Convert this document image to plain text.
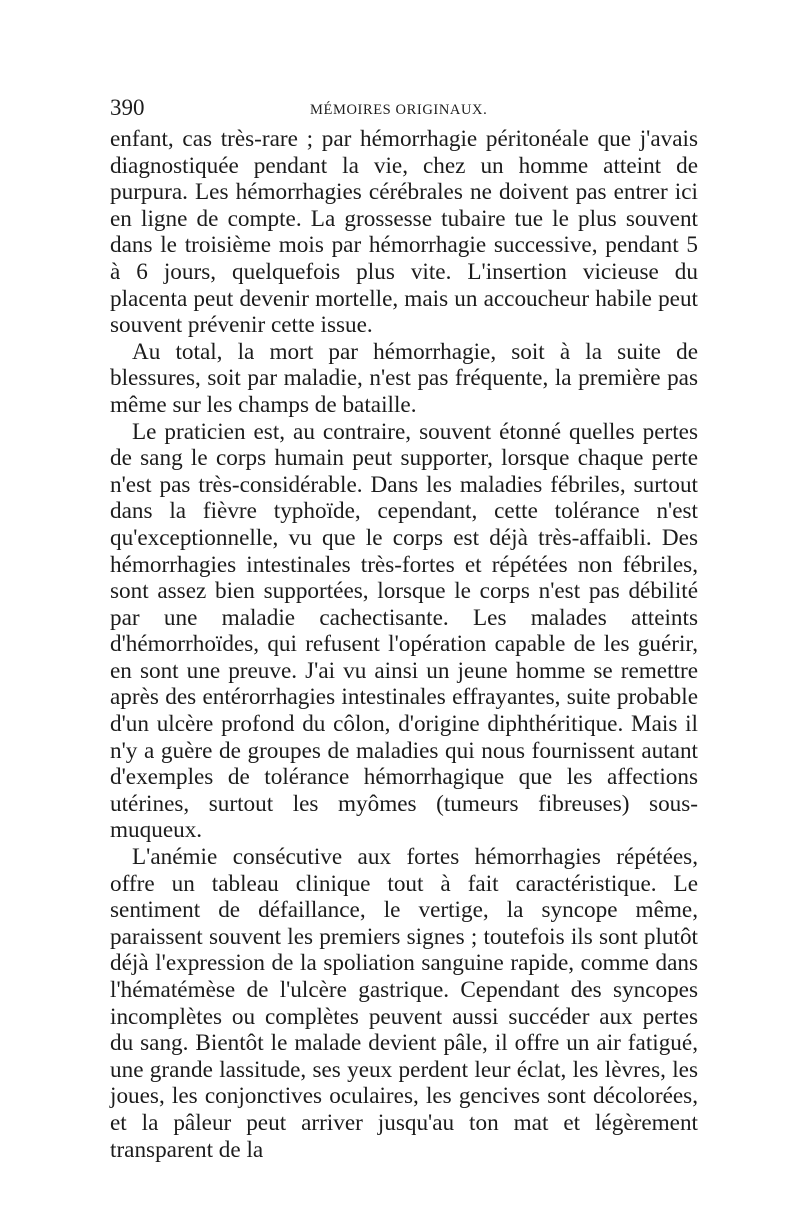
390	MÉMOIRES ORIGINAUX.

enfant, cas très-rare ; par hémorrhagie péritonéale que j'avais diagnostiquée pendant la vie, chez un homme atteint de purpura. Les hémorrhagies cérébrales ne doivent pas entrer ici en ligne de compte. La grossesse tubaire tue le plus souvent dans le troisième mois par hémorrhagie successive, pendant 5 à 6 jours, quelquefois plus vite. L'insertion vicieuse du placenta peut devenir mortelle, mais un accoucheur habile peut souvent prévenir cette issue.

Au total, la mort par hémorrhagie, soit à la suite de blessures, soit par maladie, n'est pas fréquente, la première pas même sur les champs de bataille.

Le praticien est, au contraire, souvent étonné quelles pertes de sang le corps humain peut supporter, lorsque chaque perte n'est pas très-considérable. Dans les maladies fébriles, surtout dans la fièvre typhoïde, cependant, cette tolérance n'est qu'exceptionnelle, vu que le corps est déjà très-affaibli. Des hémorrhagies intestinales très-fortes et répétées non fébriles, sont assez bien supportées, lorsque le corps n'est pas débilité par une maladie cachectisante. Les malades atteints d'hémorrhoïdes, qui refusent l'opération capable de les guérir, en sont une preuve. J'ai vu ainsi un jeune homme se remettre après des entérorrhagies intestinales effrayantes, suite probable d'un ulcère profond du côlon, d'origine diphthéritique. Mais il n'y a guère de groupes de maladies qui nous fournissent autant d'exemples de tolérance hémorrhagique que les affections utérines, surtout les myômes (tumeurs fibreuses) sous-muqueux.

L'anémie consécutive aux fortes hémorrhagies répétées, offre un tableau clinique tout à fait caractéristique. Le sentiment de défaillance, le vertige, la syncope même, paraissent souvent les premiers signes ; toutefois ils sont plutôt déjà l'expression de la spoliation sanguine rapide, comme dans l'hématémèse de l'ulcère gastrique. Cependant des syncopes incomplètes ou complètes peuvent aussi succéder aux pertes du sang. Bientôt le malade devient pâle, il offre un air fatigué, une grande lassitude, ses yeux perdent leur éclat, les lèvres, les joues, les conjonctives oculaires, les gencives sont décolorées, et la pâleur peut arriver jusqu'au ton mat et légèrement transparent de la
